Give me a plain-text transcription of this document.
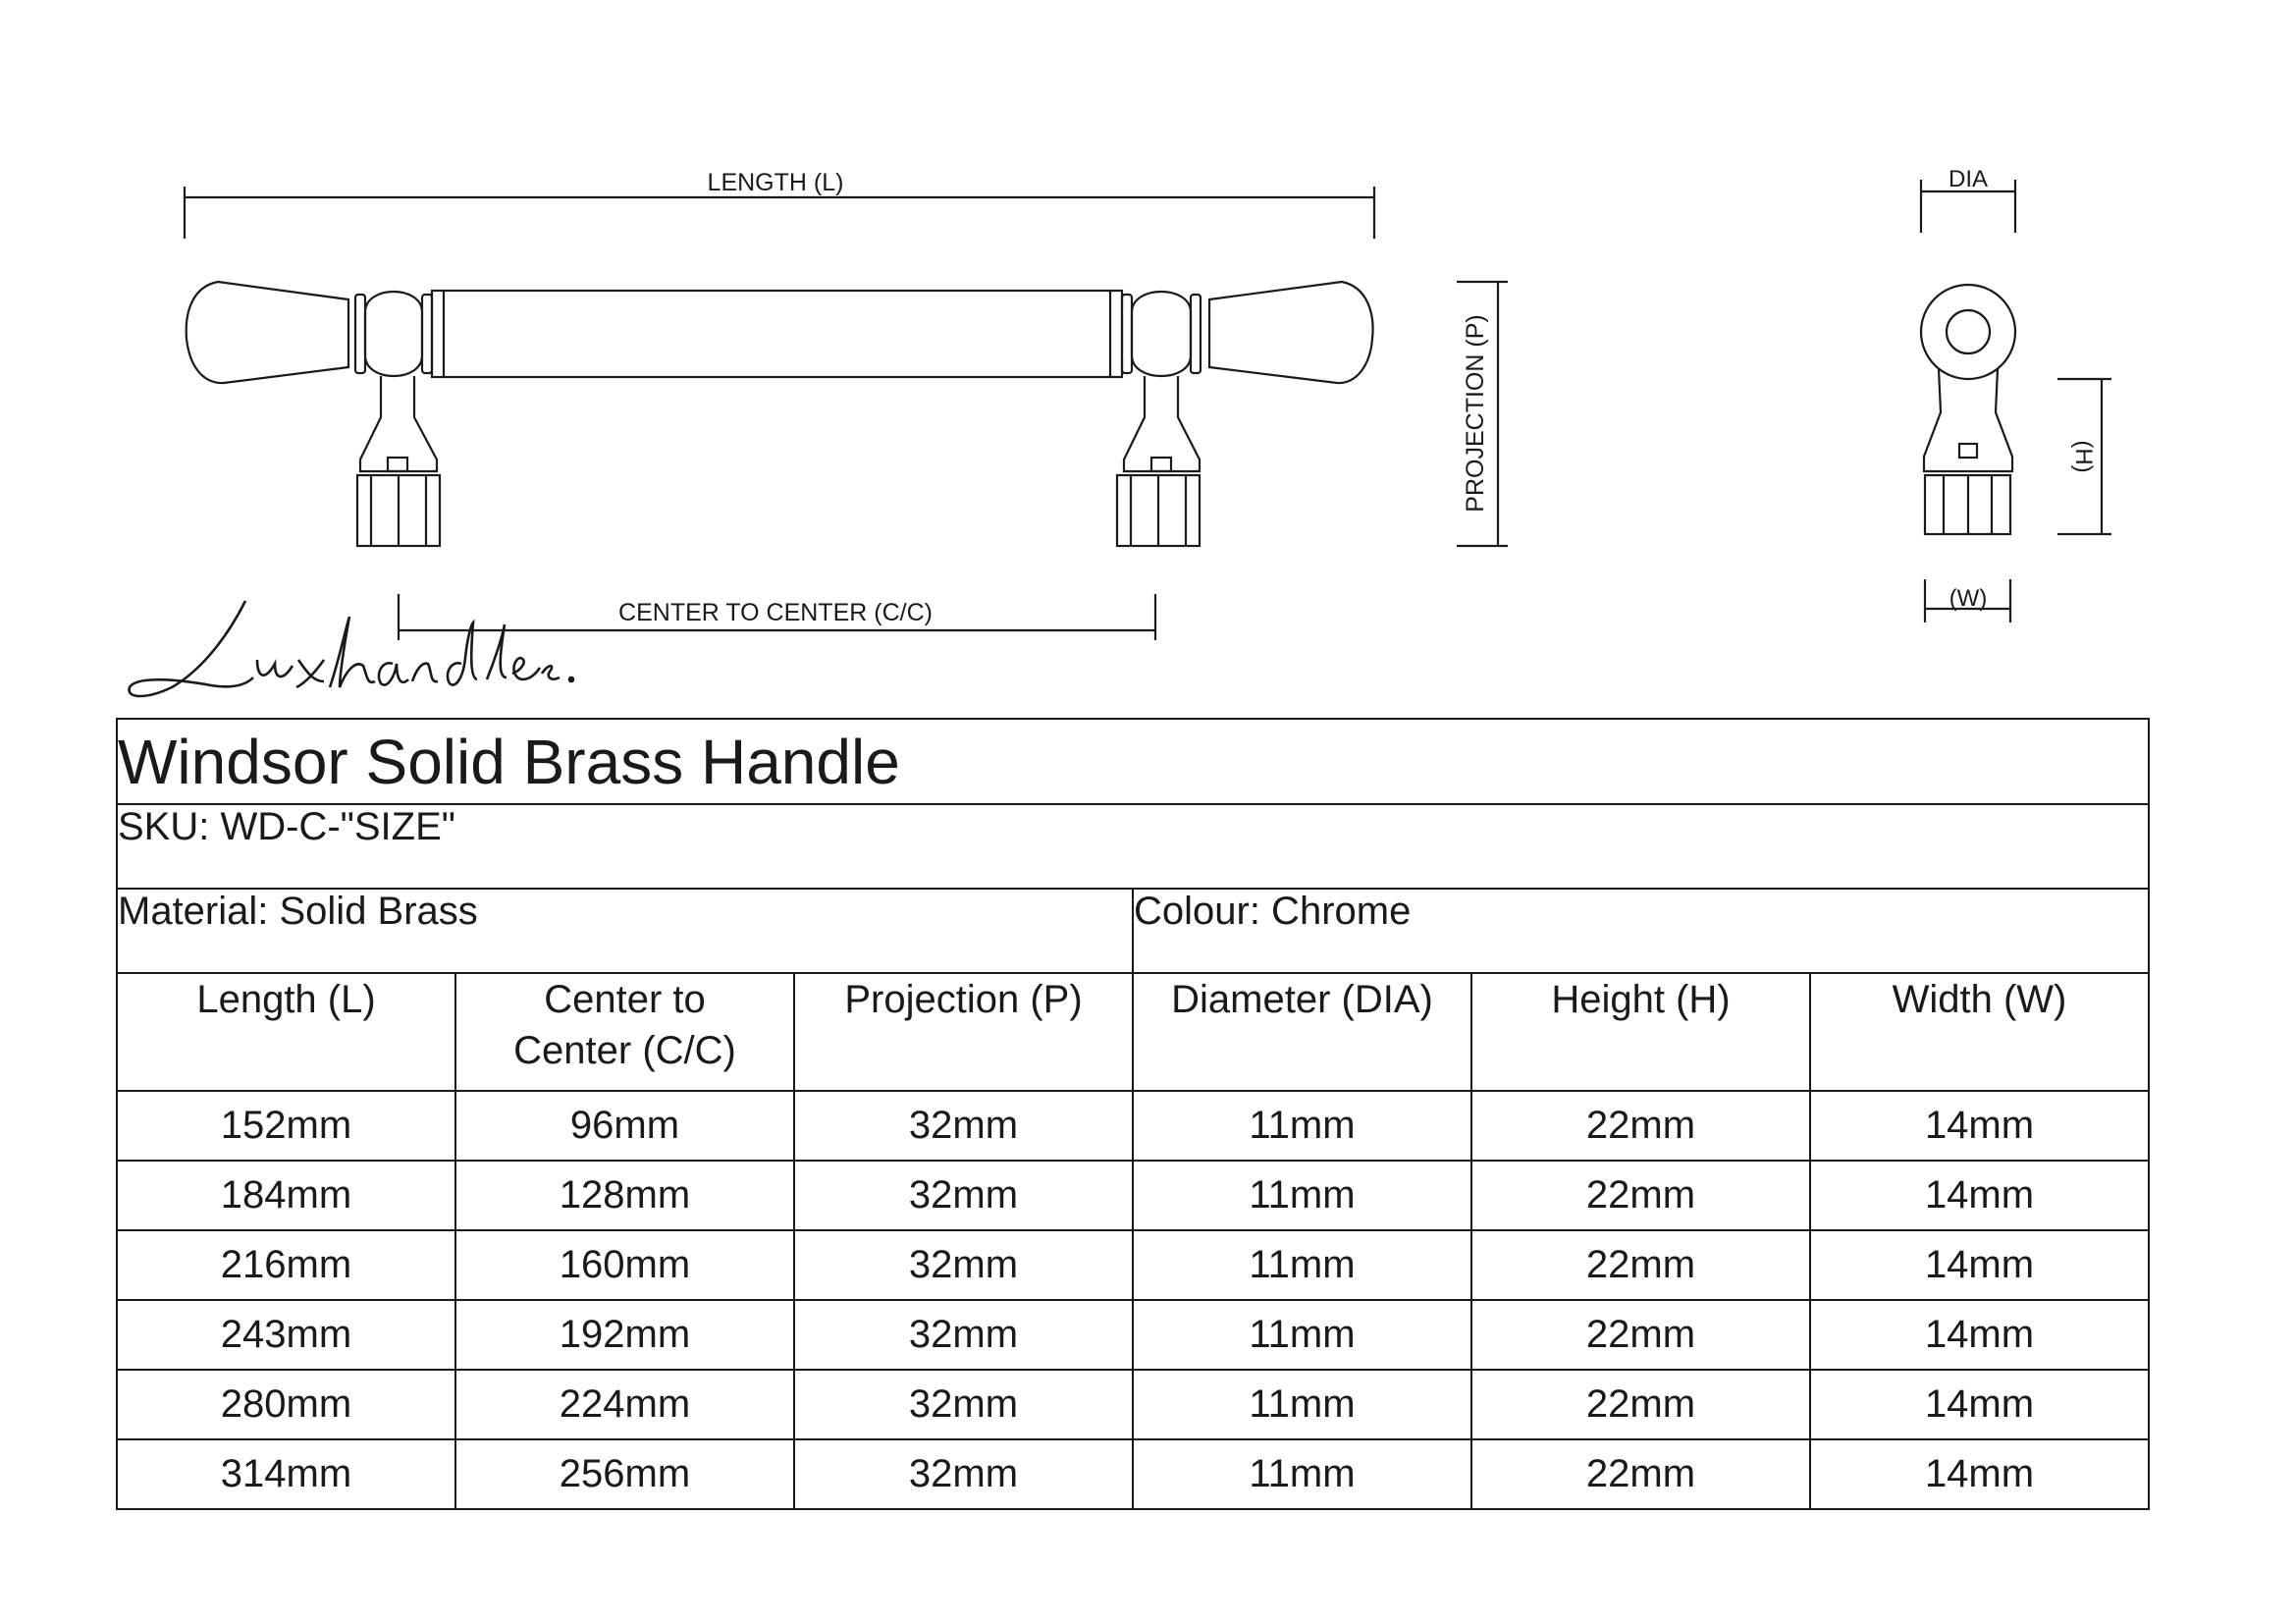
LENGTH (L)
CENTER TO CENTER (C/C)
PROJECTION (P)
DIA
(H)
(W)
Windsor Solid Brass Handle					
SKU: WD-C-"SIZE"					
Material: Solid Brass			Colour: Chrome		
Length (L)	Center to Center (C/C)	Projection (P)	Diameter (DIA)	Height (H)	Width (W)
152mm	96mm	32mm	11mm	22mm	14mm
184mm	128mm	32mm	11mm	22mm	14mm
216mm	160mm	32mm	11mm	22mm	14mm
243mm	192mm	32mm	11mm	22mm	14mm
280mm	224mm	32mm	11mm	22mm	14mm
314mm	256mm	32mm	11mm	22mm	14mm
